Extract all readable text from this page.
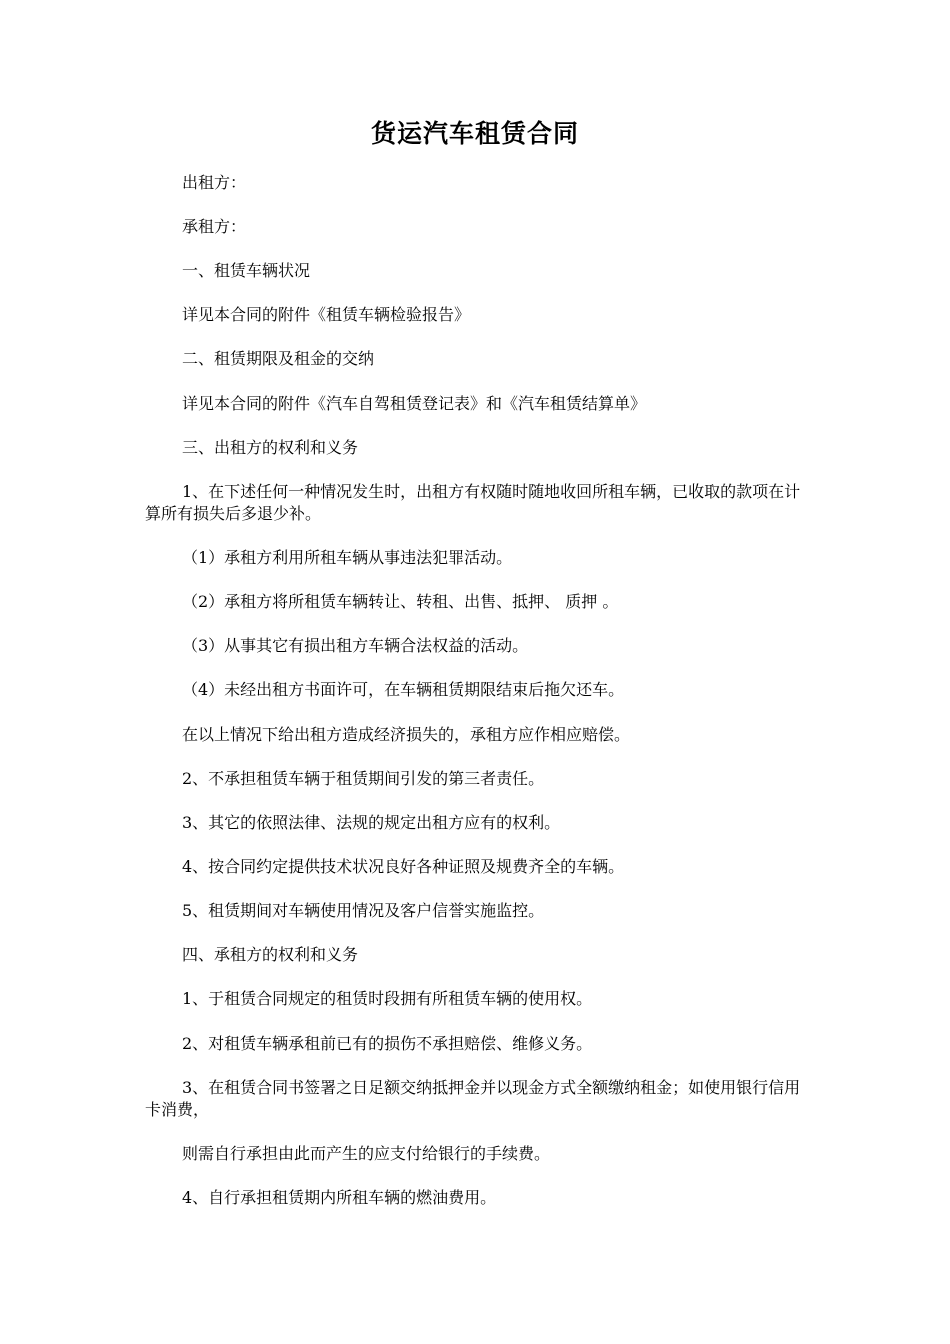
货运汽车租赁合同
出租方：
承租方：
一、租赁车辆状况
详见本合同的附件《租赁车辆检验报告》
二、租赁期限及租金的交纳
详见本合同的附件《汽车自驾租赁登记表》和《汽车租赁结算单》
三、出租方的权利和义务
1、在下述任何一种情况发生时，出租方有权随时随地收回所租车辆，已收取的款项在计算所有损失后多退少补。
（1）承租方利用所租车辆从事违法犯罪活动。
（2）承租方将所租赁车辆转让、转租、出售、抵押、 质押 。
（3）从事其它有损出租方车辆合法权益的活动。
（4）未经出租方书面许可，在车辆租赁期限结束后拖欠还车。
在以上情况下给出租方造成经济损失的，承租方应作相应赔偿。
2、不承担租赁车辆于租赁期间引发的第三者责任。
3、其它的依照法律、法规的规定出租方应有的权利。
4、按合同约定提供技术状况良好各种证照及规费齐全的车辆。
5、租赁期间对车辆使用情况及客户信誉实施监控。
四、承租方的权利和义务
1、于租赁合同规定的租赁时段拥有所租赁车辆的使用权。
2、对租赁车辆承租前已有的损伤不承担赔偿、维修义务。
3、在租赁合同书签署之日足额交纳抵押金并以现金方式全额缴纳租金；如使用银行信用卡消费，
则需自行承担由此而产生的应支付给银行的手续费。
4、自行承担租赁期内所租车辆的燃油费用。
